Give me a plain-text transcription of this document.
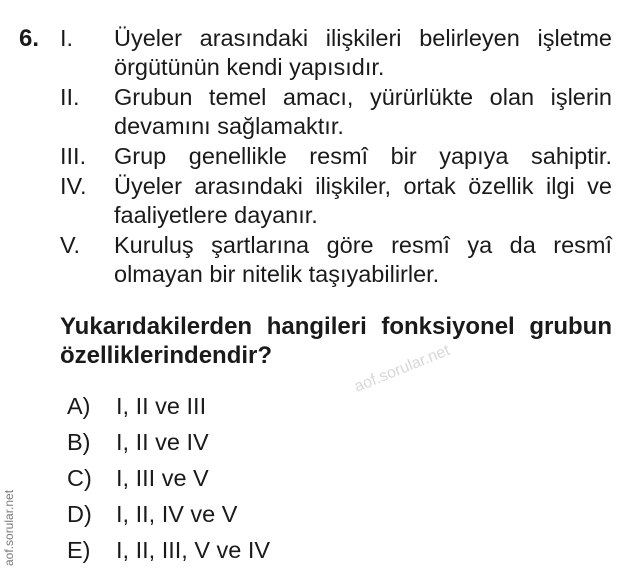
6. I.	Üyeler arasındaki ilişkileri belirleyen işletme örgütünün kendi yapısıdır.
II.	Grubun temel amacı, yürürlükte olan işlerin devamını sağlamaktır.
III.	Grup genellikle resmî bir yapıya sahiptir.
IV.	Üyeler arasındaki ilişkiler, ortak özellik ilgi ve faaliyetlere dayanır.
V.	Kuruluş şartlarına göre resmî ya da resmî olmayan bir nitelik taşıyabilirler.
Yukarıdakilerden hangileri fonksiyonel grubun özelliklerindendir?	aof.sorular.net
A)	I, II ve III
B)	I, II ve IV
C)	I, III ve V
D)	I, II, IV ve V
E)	I, II, III, V ve IV
aof.sorular.net
